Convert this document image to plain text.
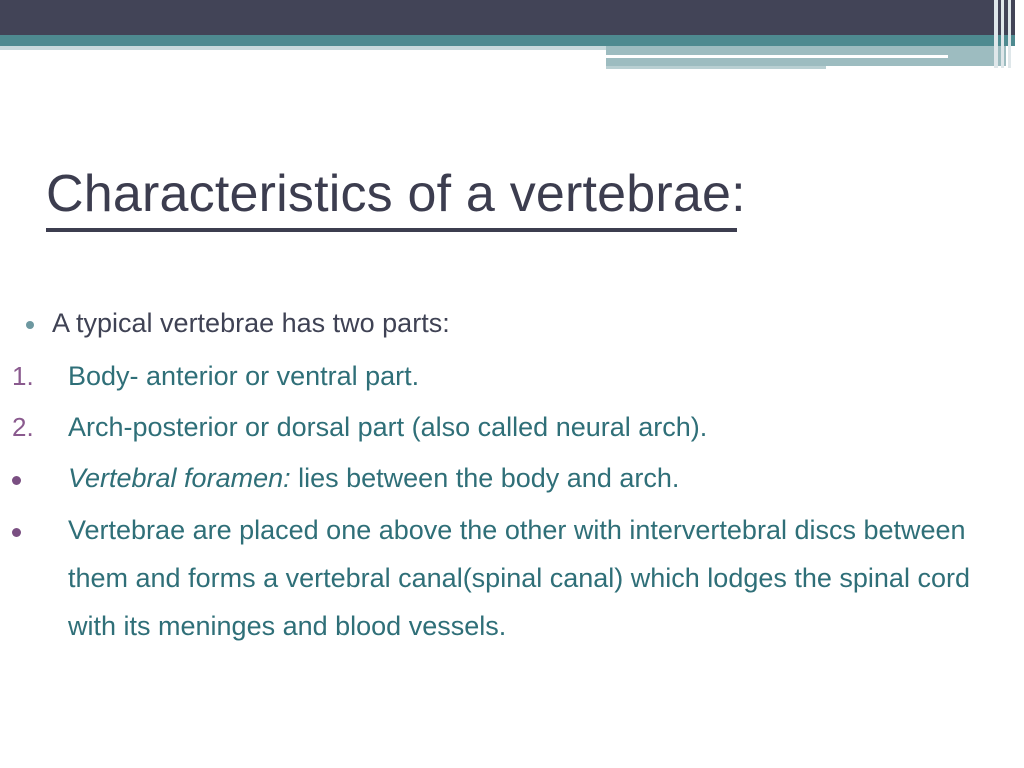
Characteristics of a vertebrae:
A typical vertebrae has two parts:
1. Body- anterior or ventral part.
2. Arch-posterior or dorsal part (also called neural arch).
Vertebral foramen: lies between the body and arch.
Vertebrae are placed one above the other with intervertebral discs between
them and forms a vertebral canal(spinal canal) which lodges the spinal cord
with its meninges and blood vessels.
